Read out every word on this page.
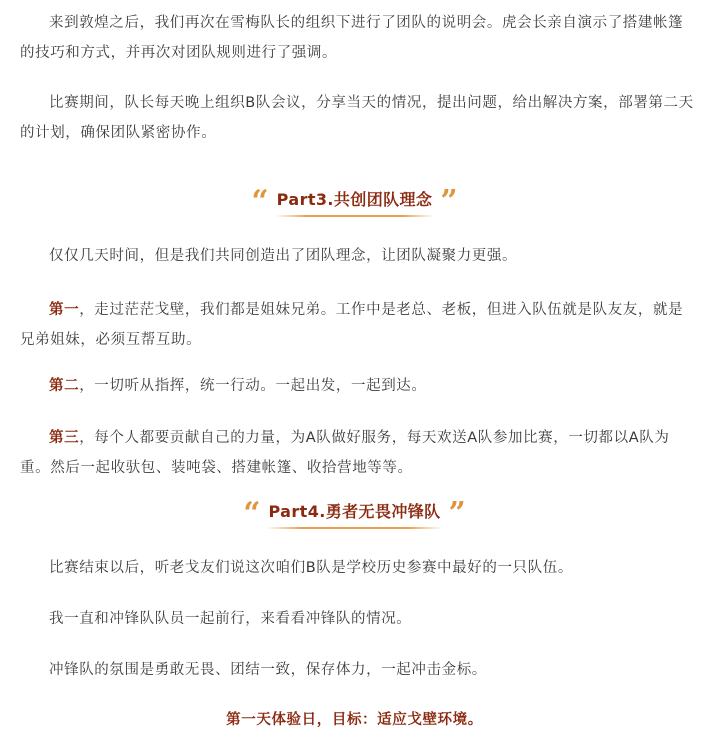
来到敦煌之后，我们再次在雪梅队长的组织下进行了团队的说明会。虎会长亲自演示了搭建帐篷的技巧和方式，并再次对团队规则进行了强调。

比赛期间，队长每天晚上组织B队会议，分享当天的情况，提出问题，给出解决方案，部署第二天的计划，确保团队紧密协作。

“ Part3.共创团队理念 ”

仅仅几天时间，但是我们共同创造出了团队理念，让团队凝聚力更强。

第一，走过茫茫戈壁，我们都是姐妹兄弟。工作中是老总、老板，但进入队伍就是队友友，就是兄弟姐妹，必须互帮互助。

第二，一切听从指挥，统一行动。一起出发，一起到达。

第三，每个人都要贡献自己的力量，为A队做好服务，每天欢送A队参加比赛，一切都以A队为重。然后一起收驮包、装吨袋、搭建帐篷、收拾营地等等。

“ Part4.勇者无畏冲锋队 ”

比赛结束以后，听老戈友们说这次咱们B队是学校历史参赛中最好的一只队伍。

我一直和冲锋队队员一起前行，来看看冲锋队的情况。

冲锋队的氛围是勇敢无畏、团结一致，保存体力，一起冲击金标。

第一天体验日，目标：适应戈壁环境。
